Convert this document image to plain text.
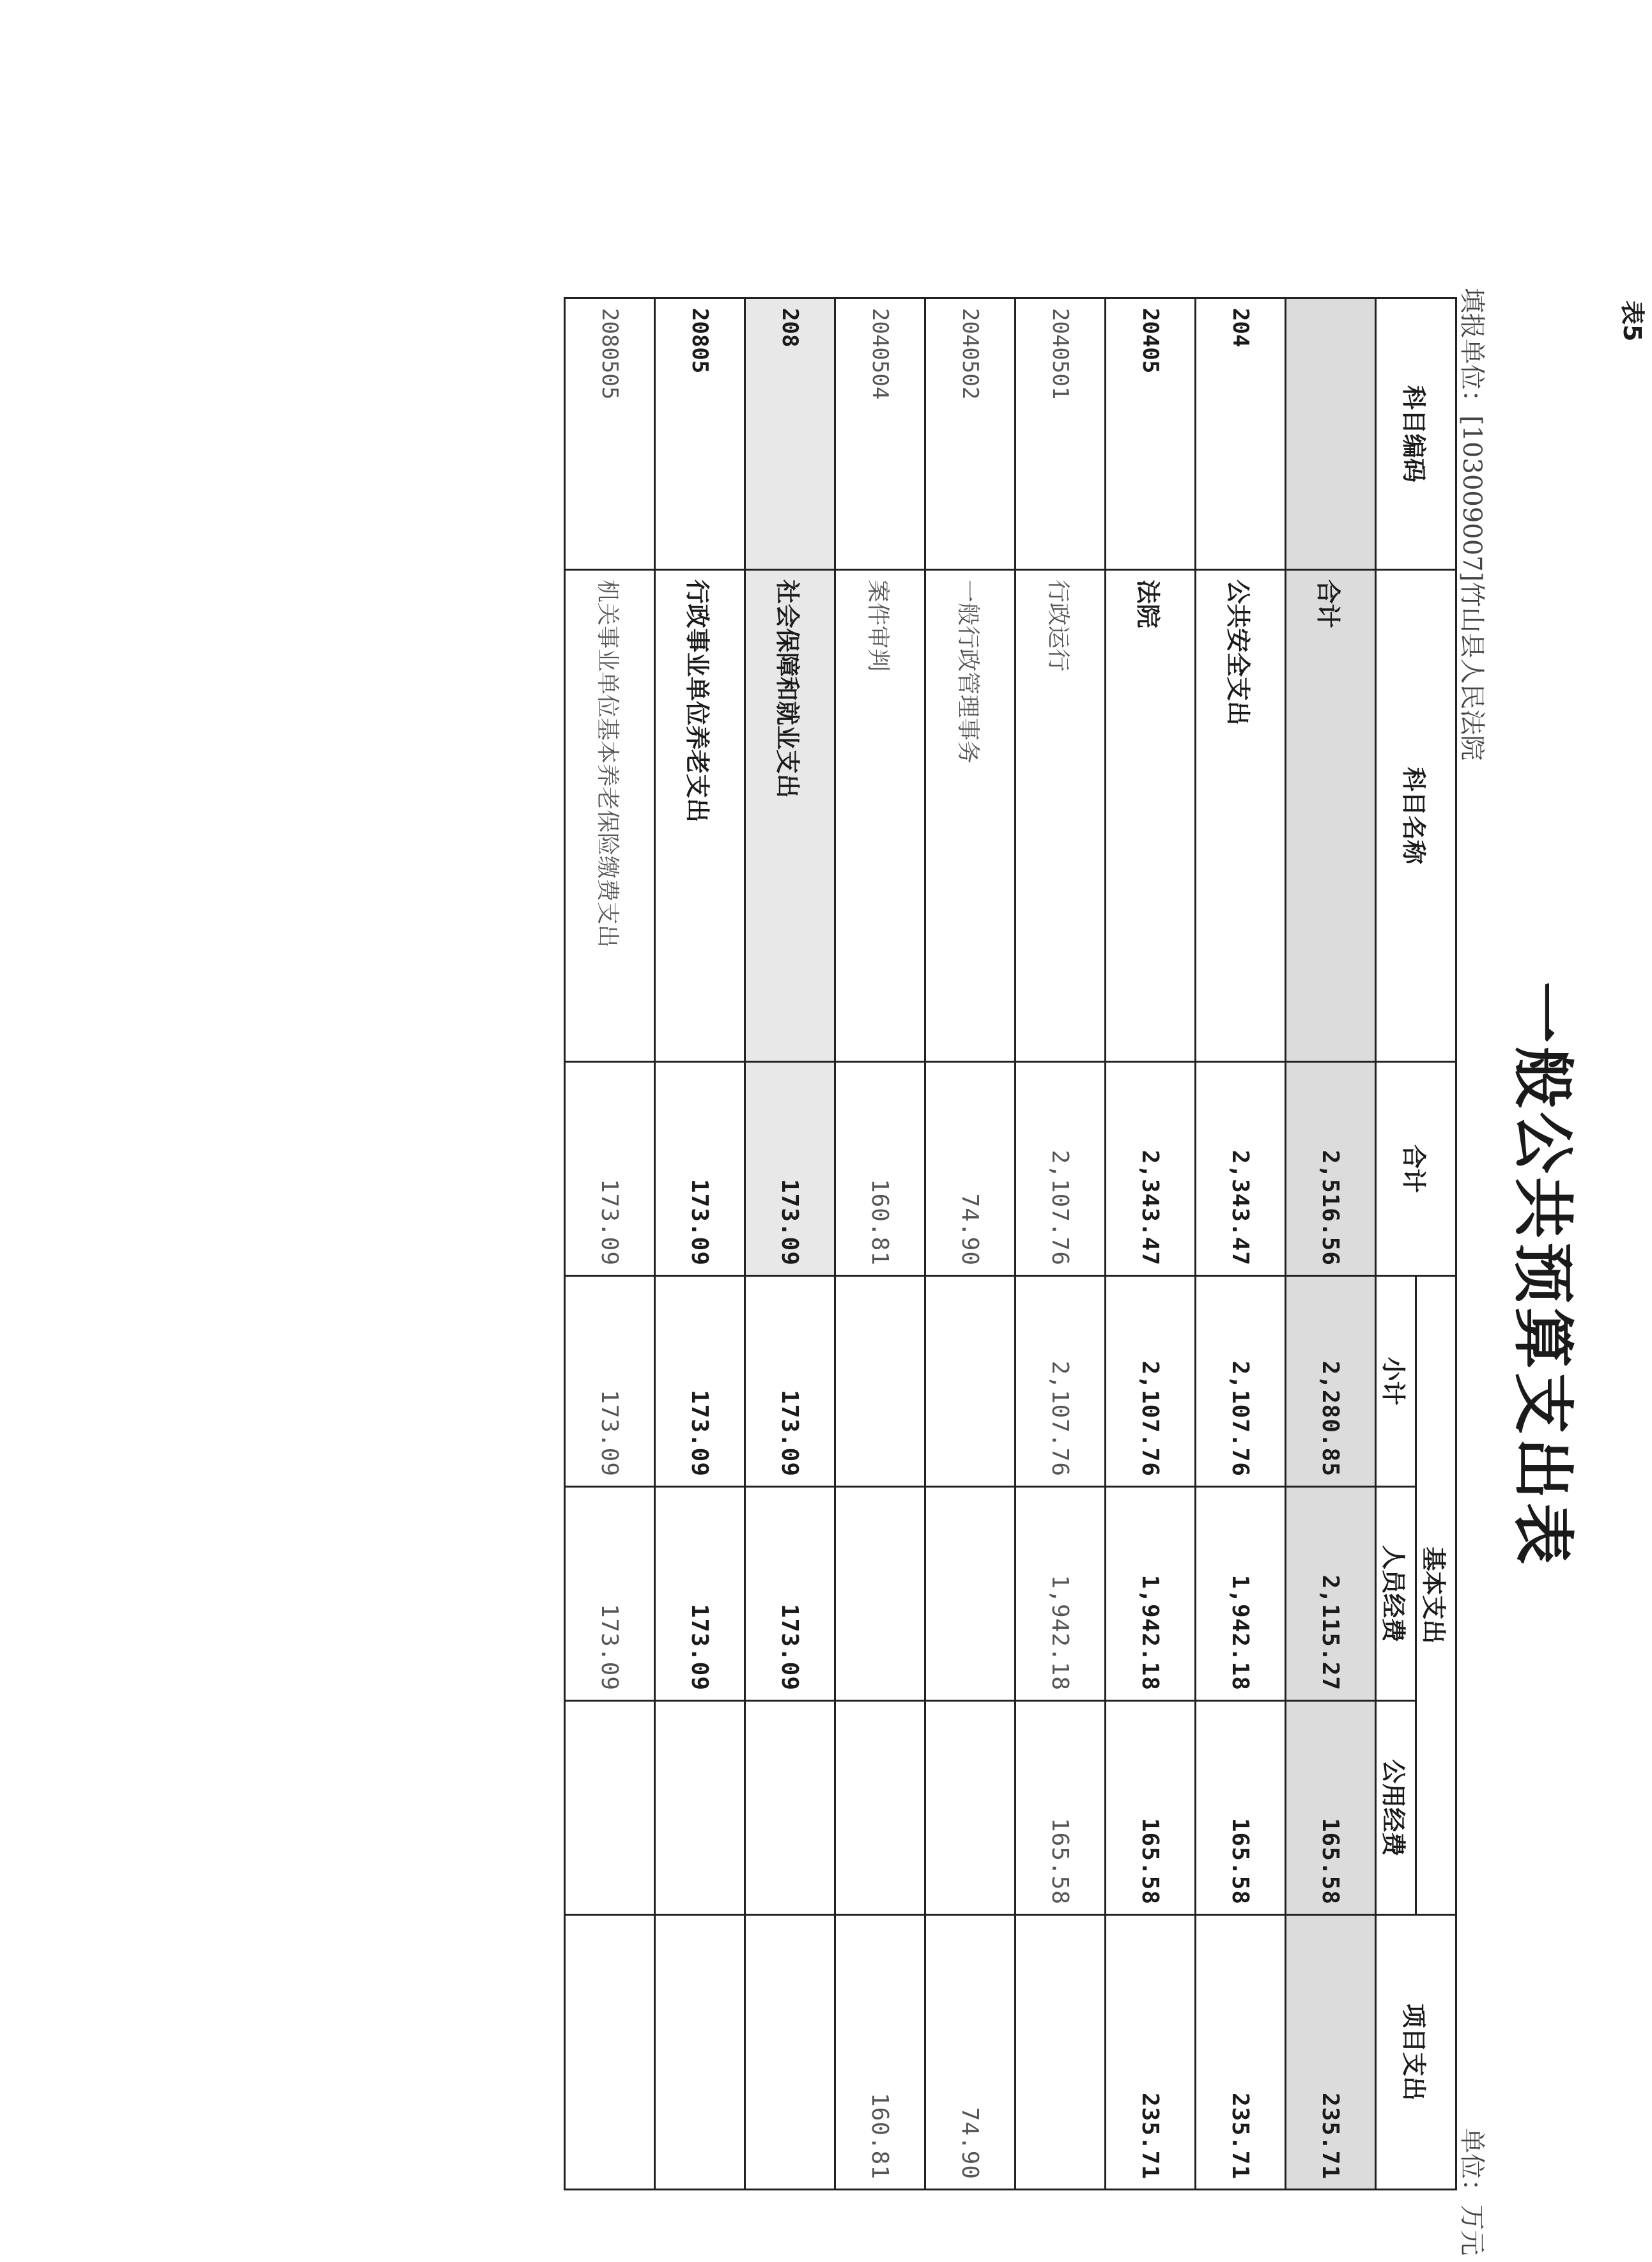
表5
一般公共预算支出表
填报单位：[103009007]竹山县人民法院
单位：万元
科目编码	科目名称	合计	基本支出			项目支出
			小计	人员经费	公用经费	

	合计	2,516.56	2,280.85	2,115.27	165.58	235.71
204	公共安全支出	2,343.47	2,107.76	1,942.18	165.58	235.71
20405	法院	2,343.47	2,107.76	1,942.18	165.58	235.71
2040501	行政运行	2,107.76	2,107.76	1,942.18	165.58	
2040502	一般行政管理事务	74.90				74.90
2040504	案件审判	160.81				160.81
208	社会保障和就业支出	173.09	173.09	173.09		
20805	行政事业单位养老支出	173.09	173.09	173.09		
2080505	机关事业单位基本养老保险缴费支出	173.09	173.09	173.09		
